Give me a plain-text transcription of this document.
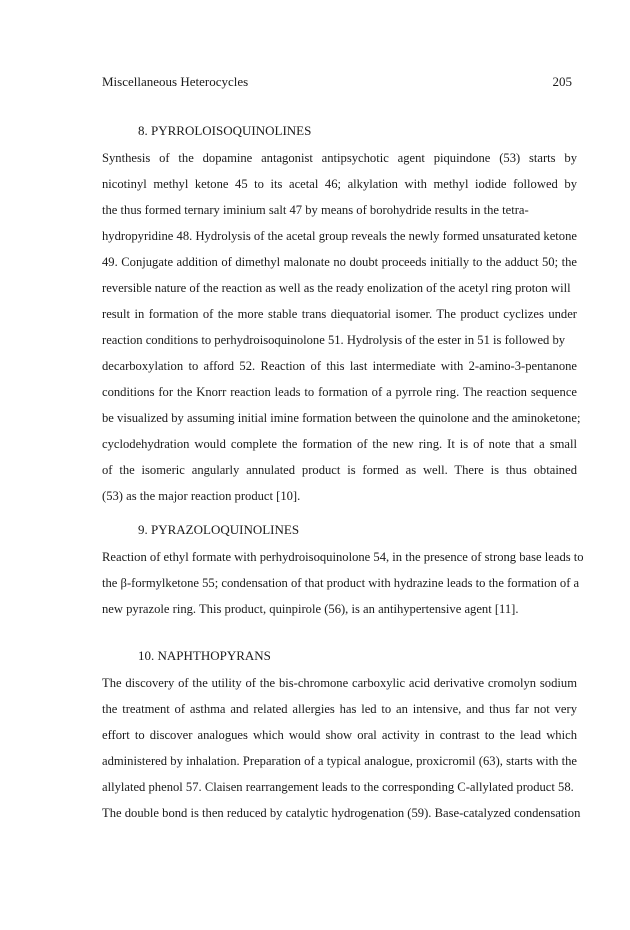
Miscellaneous Heterocycles	205
8. PYRROLOISOQUINOLINES
Synthesis of the dopamine antagonist antipsychotic agent piquindone (53) starts by
nicotinyl methyl ketone 45 to its acetal 46; alkylation with methyl iodide followed by
the thus formed ternary iminium salt 47 by means of borohydride results in the tetra-
hydropyridine 48. Hydrolysis of the acetal group reveals the newly formed unsaturated ketone
49. Conjugate addition of dimethyl malonate no doubt proceeds initially to the adduct 50; the
reversible nature of the reaction as well as the ready enolization of the acetyl ring proton will
result in formation of the more stable trans diequatorial isomer. The product cyclizes under
reaction conditions to perhydroisoquinolone 51. Hydrolysis of the ester in 51 is followed by
decarboxylation to afford 52. Reaction of this last intermediate with 2-amino-3-pentanone
conditions for the Knorr reaction leads to formation of a pyrrole ring. The reaction sequence
be visualized by assuming initial imine formation between the quinolone and the aminoketone;
cyclodehydration would complete the formation of the new ring. It is of note that a small
of the isomeric angularly annulated product is formed as well. There is thus obtained
(53) as the major reaction product [10].
9. PYRAZOLOQUINOLINES
Reaction of ethyl formate with perhydroisoquinolone 54, in the presence of strong base leads to
the β-formylketone 55; condensation of that product with hydrazine leads to the formation of a
new pyrazole ring. This product, quinpirole (56), is an antihypertensive agent [11].
10. NAPHTHOPYRANS
The discovery of the utility of the bis-chromone carboxylic acid derivative cromolyn sodium
the treatment of asthma and related allergies has led to an intensive, and thus far not very
effort to discover analogues which would show oral activity in contrast to the lead which
administered by inhalation. Preparation of a typical analogue, proxicromil (63), starts with the
allylated phenol 57. Claisen rearrangement leads to the corresponding C-allylated product 58.
The double bond is then reduced by catalytic hydrogenation (59). Base-catalyzed condensation
